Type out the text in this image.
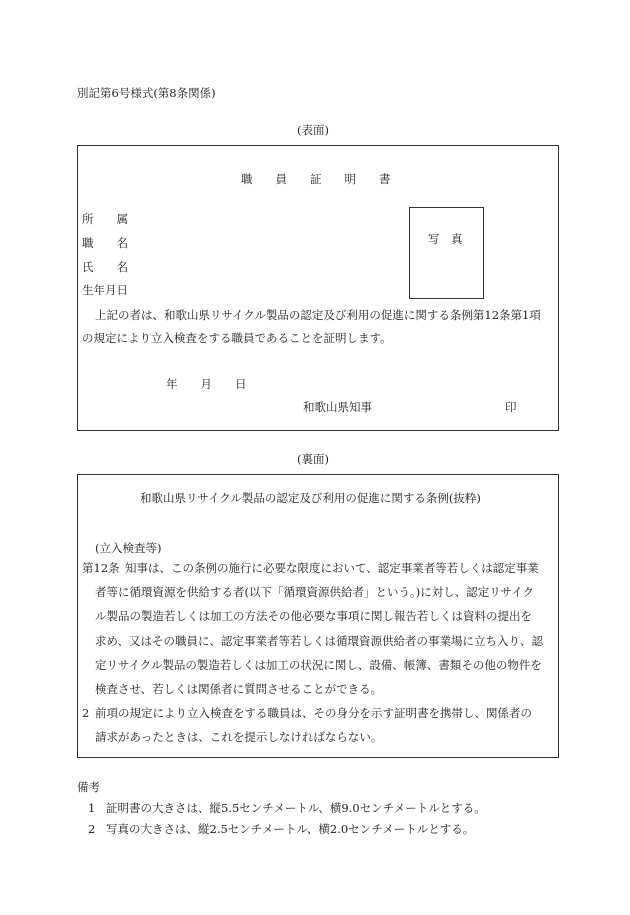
別記第6号様式(第8条関係)
(表面)
職　　員　　証　　明　　書
所　　属
職　　名
氏　　名
生年月日
写　真
上記の者は、和歌山県リサイクル製品の認定及び利用の促進に関する条例第12条第1項
の規定により立入検査をする職員であることを証明します。
年　　月　　日
和歌山県知事	印
(裏面)
和歌山県リサイクル製品の認定及び利用の促進に関する条例(抜粋)
(立入検査等)
第12条 知事は、この条例の施行に必要な限度において、認定事業者等若しくは認定事業
者等に循環資源を供給する者(以下「循環資源供給者」という。)に対し、認定リサイク
ル製品の製造若しくは加工の方法その他必要な事項に関し報告若しくは資料の提出を
求め、又はその職員に、認定事業者等若しくは循環資源供給者の事業場に立ち入り、認
定リサイクル製品の製造若しくは加工の状況に関し、設備、帳簿、書類その他の物件を
検査させ、若しくは関係者に質問させることができる。
2 前項の規定により立入検査をする職員は、その身分を示す証明書を携帯し、関係者の
請求があったときは、これを提示しなければならない。
備考
1 証明書の大きさは、縦5.5センチメートル、横9.0センチメートルとする。
2 写真の大きさは、縦2.5センチメートル、横2.0センチメートルとする。
